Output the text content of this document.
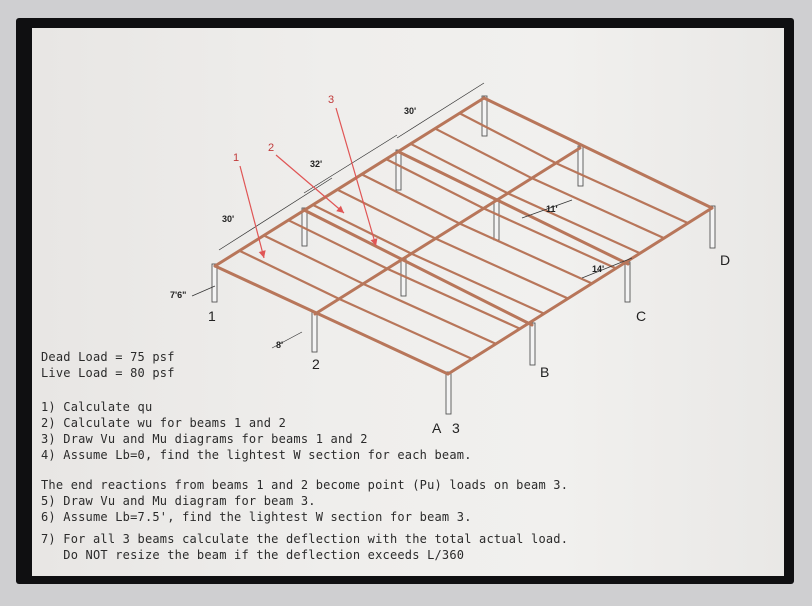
30'
32'
30'
7'6"
8'
11'
14'
1
2
3
1
2
A 3
B
C
D
Dead Load = 75 psf
Live Load = 80 psf
1) Calculate qu
2) Calculate wu for beams 1 and 2
3) Draw Vu and Mu diagrams for beams 1 and 2
4) Assume Lb=0, find the lightest W section for each beam.
The end reactions from beams 1 and 2 become point (Pu) loads on beam 3.
5) Draw Vu and Mu diagram for beam 3.
6) Assume Lb=7.5', find the lightest W section for beam 3.
7) For all 3 beams calculate the deflection with the total actual load.
Do NOT resize the beam if the deflection exceeds L/360
